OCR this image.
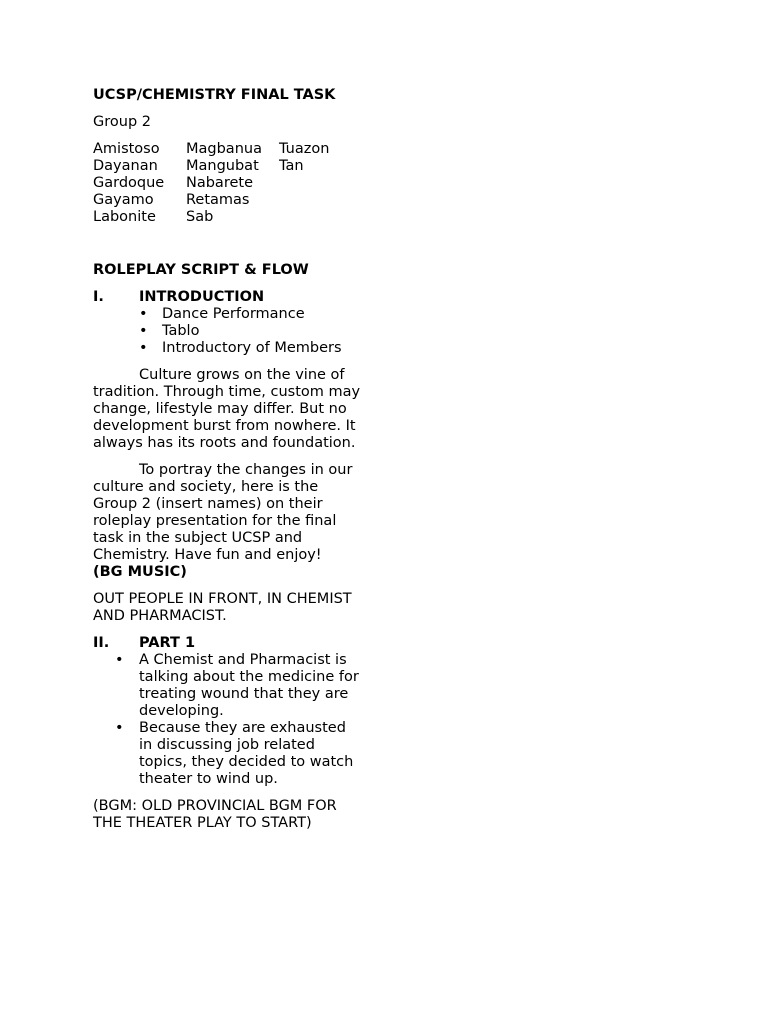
UCSP/CHEMISTRY FINAL TASK
Group 2
Amistoso	Magbanua	Tuazon
Dayanan	Mangubat	Tan
Gardoque	Nabarete
Gayamo	Retamas
Labonite	Sab
ROLEPLAY SCRIPT & FLOW
I.	INTRODUCTION
• Dance Performance
• Tablo
• Introductory of Members
Culture grows on the vine of tradition. Through time, custom may change, lifestyle may differ. But no development burst from nowhere. It always has its roots and foundation.
To portray the changes in our culture and society, here is the Group 2 (insert names) on their roleplay presentation for the final task in the subject UCSP and Chemistry. Have fun and enjoy!
(BG MUSIC)
OUT PEOPLE IN FRONT, IN CHEMIST AND PHARMACIST.
II.	PART 1
• A Chemist and Pharmacist is talking about the medicine for treating wound that they are developing.
• Because they are exhausted in discussing job related topics, they decided to watch theater to wind up.
(BGM: OLD PROVINCIAL BGM FOR THE THEATER PLAY TO START)
